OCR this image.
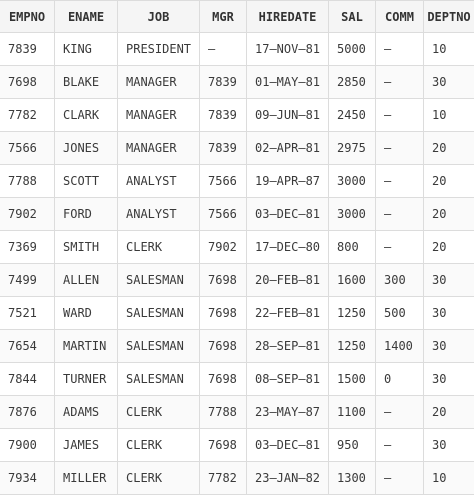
EMPNO	ENAME	JOB	MGR	HIREDATE	SAL	COMM	DEPTNO
7839	KING	PRESIDENT	–	17–NOV–81	5000	–	10
7698	BLAKE	MANAGER	7839	01–MAY–81	2850	–	30
7782	CLARK	MANAGER	7839	09–JUN–81	2450	–	10
7566	JONES	MANAGER	7839	02–APR–81	2975	–	20
7788	SCOTT	ANALYST	7566	19–APR–87	3000	–	20
7902	FORD	ANALYST	7566	03–DEC–81	3000	–	20
7369	SMITH	CLERK	7902	17–DEC–80	800	–	20
7499	ALLEN	SALESMAN	7698	20–FEB–81	1600	300	30
7521	WARD	SALESMAN	7698	22–FEB–81	1250	500	30
7654	MARTIN	SALESMAN	7698	28–SEP–81	1250	1400	30
7844	TURNER	SALESMAN	7698	08–SEP–81	1500	0	30
7876	ADAMS	CLERK	7788	23–MAY–87	1100	–	20
7900	JAMES	CLERK	7698	03–DEC–81	950	–	30
7934	MILLER	CLERK	7782	23–JAN–82	1300	–	10
